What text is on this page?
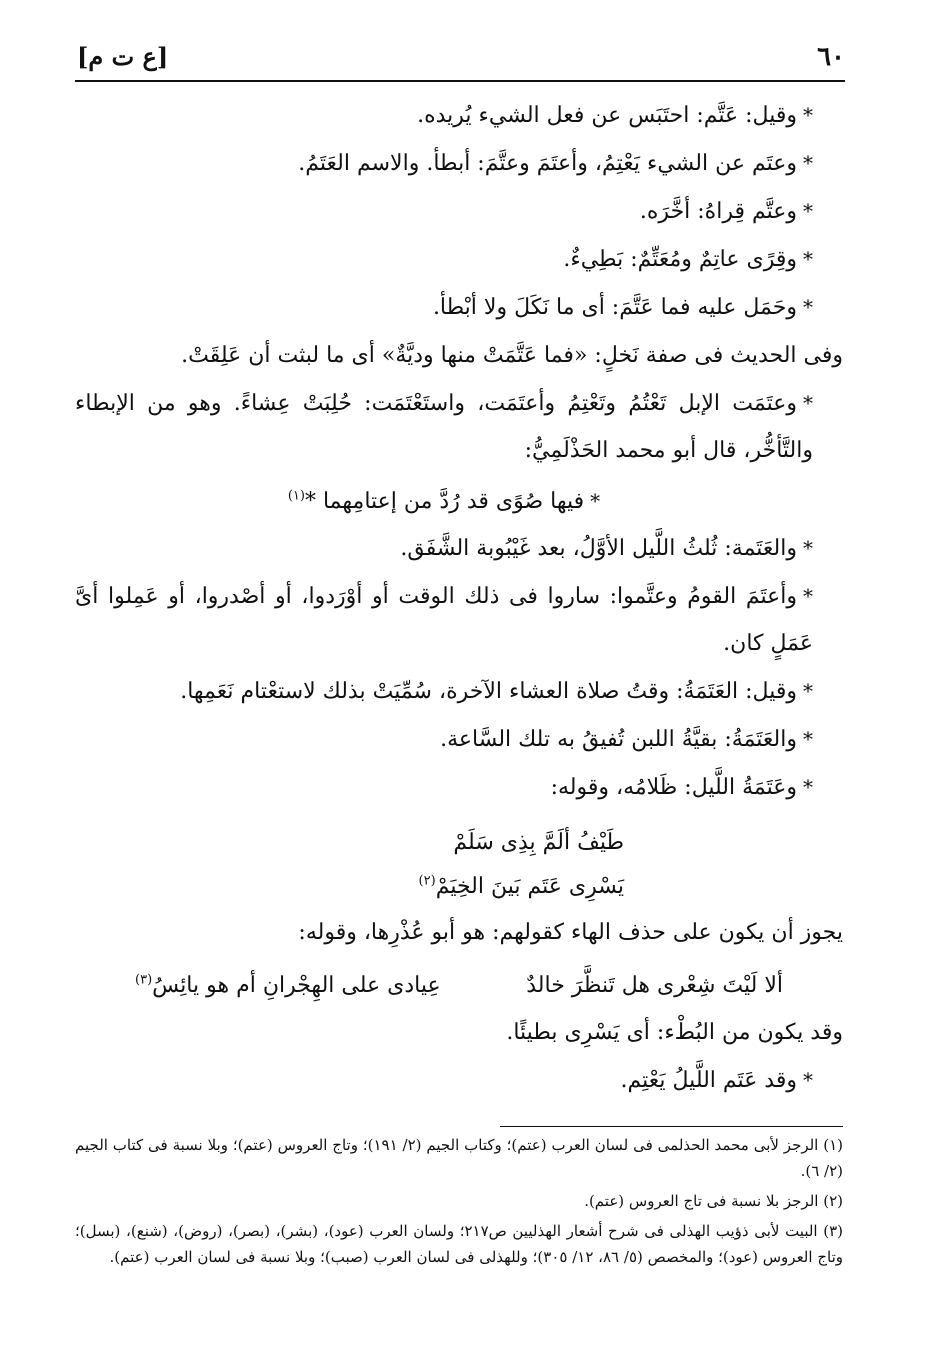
٦٠
[ع ت م]

*وقيل: عَتَّم: احتَبَس عن فعل الشيء يُريده.

*وعتَم عن الشيء يَعْتِمُ، وأعتَمَ وعتَّمَ: أبطأ. والاسم العَتَمُ.

*وعتَّم قِراهُ: أخَّرَه.

*وقِرًى عاتِمٌ ومُعَتِّمٌ: بَطِيءٌ.

*وحَمَل عليه فما عَتَّمَ: أى ما نَكَلَ ولا أبْطأ.

وفى الحديث فى صفة نَخلٍ: «فما عَتَّمَتْ منها وديَّةٌ» أى ما لبثت أن عَلِقَتْ.

*وعتَمَت الإبل تَعْتُمُ وتَعْتِمُ وأعتَمَت، واستَعْتَمَت: حُلِبَتْ عِشاءً. وهو من الإبطاء والتَّأخُّر، قال أبو محمد الحَذْلَمِيُّ:

*فيها صُوًى قد رُدَّ من إعتامِهما *$^{(١)}$

*والعَتَمة: ثُلثُ اللَّيل الأوَّلُ، بعد غَيْبُوبة الشَّفَق.

*وأعتَمَ القومُ وعتَّموا: ساروا فى ذلك الوقت أو أوْرَدوا، أو أصْدروا، أو عَمِلوا أىَّ عَمَلٍ كان.

*وقيل: العَتَمَةُ: وقتُ صلاة العشاء الآخرة، سُمِّيَتْ بذلك لاستعْتام نَعَمِها.

*والعَتَمَةُ: بقيَّةُ اللبن تُفيقُ به تلك السَّاعة.

*وعَتَمَةُ اللَّيل: ظَلامُه، وقوله:

طَيْفُ ألَمَّ بِذِى سَلَمْ
يَسْرِى عَتَم بَينَ الخِيَمْ$^{(٢)}$

يجوز أن يكون على حذف الهاء كقولهم: هو أبو عُذْرِها، وقوله:

ألا لَيْتَ شِعْرى هل تَنظَّرَ خالدٌ
عِيادى على الهِجْرانِ أم هو يائِسُ$^{(٣)}$

وقد يكون من البُطْء: أى يَسْرِى بطيئًا.

*وقد عَتَم اللَّيلُ يَعْتِم.

(١) الرجز لأبى محمد الحذلمى فى لسان العرب (عتم)؛ وكتاب الجيم (٢/ ١٩١)؛ وتاج العروس (عتم)؛ وبلا نسبة فى كتاب الجيم (٢/ ٦).

(٢) الرجز بلا نسبة فى تاج العروس (عتم).

(٣) البيت لأبى ذؤيب الهذلى فى شرح أشعار الهذليين ص٢١٧؛ ولسان العرب (عود)، (بشر)، (بصر)، (روض)، (شنع)، (بسل)؛ وتاج العروس (عود)؛ والمخصص (٥/ ٨٦، ١٢/ ٣٠٥)؛ وللهذلى فى لسان العرب (صبب)؛ وبلا نسبة فى لسان العرب (عتم).
